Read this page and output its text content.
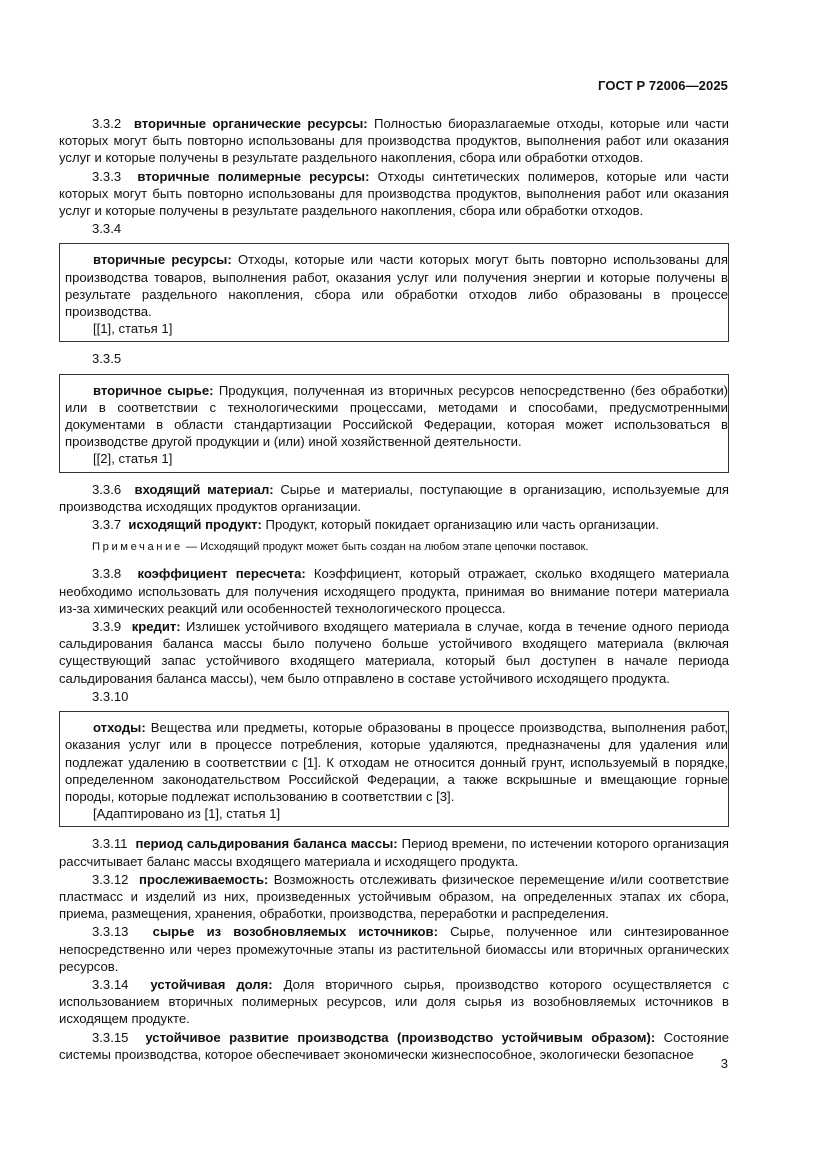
ГОСТ Р 72006—2025

3.3.2 вторичные органические ресурсы: Полностью биоразлагаемые отходы, которые или части которых могут быть повторно использованы для производства продуктов, выполнения работ или оказания услуг и которые получены в результате раздельного накопления, сбора или обработки отходов.

3.3.3 вторичные полимерные ресурсы: Отходы синтетических полимеров, которые или части которых могут быть повторно использованы для производства продуктов, выполнения работ или оказания услуг и которые получены в результате раздельного накопления, сбора или обработки отходов.

3.3.4

вторичные ресурсы: Отходы, которые или части которых могут быть повторно использованы для производства товаров, выполнения работ, оказания услуг или получения энергии и которые получены в результате раздельного накопления, сбора или обработки отходов либо образованы в процессе производства.

[[1], статья 1]

3.3.5

вторичное сырье: Продукция, полученная из вторичных ресурсов непосредственно (без обработки) или в соответствии с технологическими процессами, методами и способами, предусмотренными документами в области стандартизации Российской Федерации, которая может использоваться в производстве другой продукции и (или) иной хозяйственной деятельности.

[[2], статья 1]

3.3.6 входящий материал: Сырье и материалы, поступающие в организацию, используемые для производства исходящих продуктов организации.

3.3.7 исходящий продукт: Продукт, который покидает организацию или часть организации.

Примечание — Исходящий продукт может быть создан на любом этапе цепочки поставок.

3.3.8 коэффициент пересчета: Коэффициент, который отражает, сколько входящего материала необходимо использовать для получения исходящего продукта, принимая во внимание потери материала из-за химических реакций или особенностей технологического процесса.

3.3.9 кредит: Излишек устойчивого входящего материала в случае, когда в течение одного периода сальдирования баланса массы было получено больше устойчивого входящего материала (включая существующий запас устойчивого входящего материала, который был доступен в начале периода сальдирования баланса массы), чем было отправлено в составе устойчивого исходящего продукта.

3.3.10

отходы: Вещества или предметы, которые образованы в процессе производства, выполнения работ, оказания услуг или в процессе потребления, которые удаляются, предназначены для удаления или подлежат удалению в соответствии с [1]. К отходам не относится донный грунт, используемый в порядке, определенном законодательством Российской Федерации, а также вскрышные и вмещающие горные породы, которые подлежат использованию в соответствии с [3].

[Адаптировано из [1], статья 1]

3.3.11 период сальдирования баланса массы: Период времени, по истечении которого организация рассчитывает баланс массы входящего материала и исходящего продукта.

3.3.12 прослеживаемость: Возможность отслеживать физическое перемещение и/или соответствие пластмасс и изделий из них, произведенных устойчивым образом, на определенных этапах их сбора, приема, размещения, хранения, обработки, производства, переработки и распределения.

3.3.13 сырье из возобновляемых источников: Сырье, полученное или синтезированное непосредственно или через промежуточные этапы из растительной биомассы или вторичных органических ресурсов.

3.3.14 устойчивая доля: Доля вторичного сырья, производство которого осуществляется с использованием вторичных полимерных ресурсов, или доля сырья из возобновляемых источников в исходящем продукте.

3.3.15 устойчивое развитие производства (производство устойчивым образом): Состояние системы производства, которое обеспечивает экономически жизнеспособное, экологически безопасное

3
